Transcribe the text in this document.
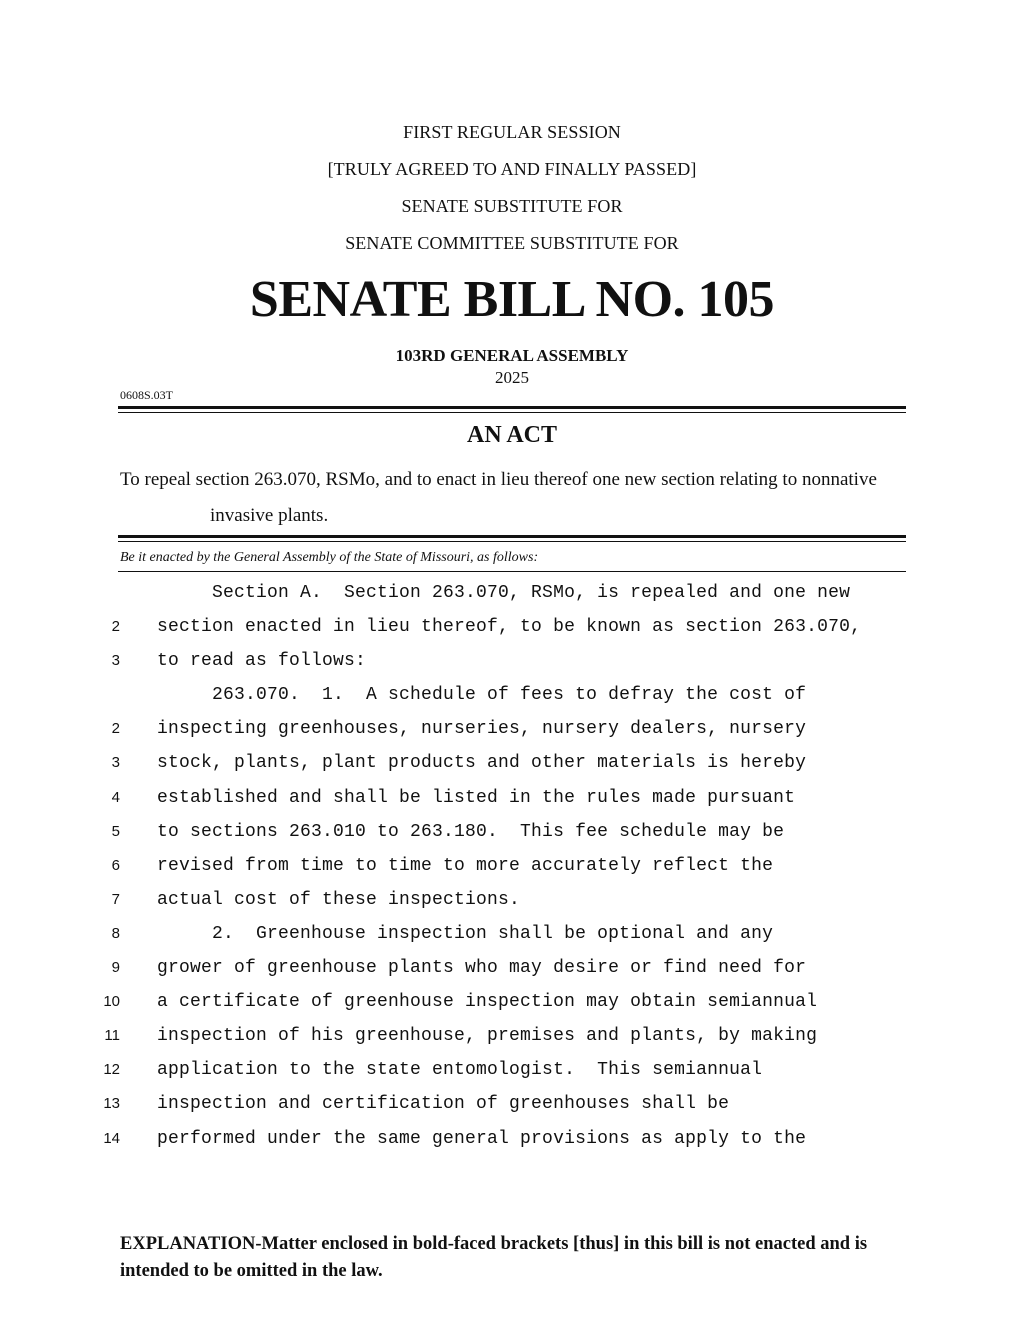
FIRST REGULAR SESSION
[TRULY AGREED TO AND FINALLY PASSED]
SENATE SUBSTITUTE FOR
SENATE COMMITTEE SUBSTITUTE FOR
SENATE BILL NO. 105
103RD GENERAL ASSEMBLY
2025
0608S.03T
AN ACT
To repeal section 263.070, RSMo, and to enact in lieu thereof one new section relating to nonnative
invasive plants.
Be it enacted by the General Assembly of the State of Missouri, as follows:
Section A.  Section 263.070, RSMo, is repealed and one new
2 section enacted in lieu thereof, to be known as section 263.070,
3 to read as follows:
263.070.  1.  A schedule of fees to defray the cost of
2 inspecting greenhouses, nurseries, nursery dealers, nursery
3 stock, plants, plant products and other materials is hereby
4 established and shall be listed in the rules made pursuant
5 to sections 263.010 to 263.180.  This fee schedule may be
6 revised from time to time to more accurately reflect the
7 actual cost of these inspections.
8 2.  Greenhouse inspection shall be optional and any
9 grower of greenhouse plants who may desire or find need for
10 a certificate of greenhouse inspection may obtain semiannual
11 inspection of his greenhouse, premises and plants, by making
12 application to the state entomologist.  This semiannual
13 inspection and certification of greenhouses shall be
14 performed under the same general provisions as apply to the
EXPLANATION-Matter enclosed in bold-faced brackets [thus] in this bill is not enacted and is intended to be omitted in the law.
